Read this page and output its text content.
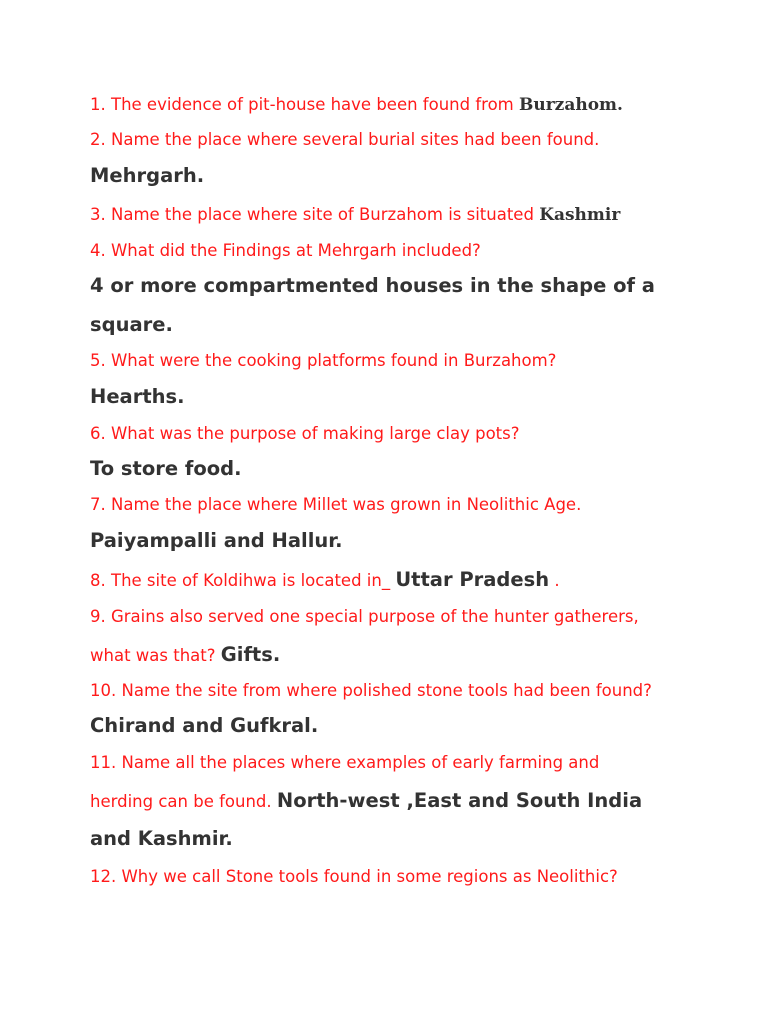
1. The evidence of pit-house have been found from Burzahom.
2. Name the place where several burial sites had been found.
Mehrgarh.
3. Name the place where site of Burzahom is situated Kashmir
4. What did the Findings at Mehrgarh included?
4 or more compartmented houses in the shape of a
square.
5. What were the cooking platforms found in Burzahom?
Hearths.
6. What was the purpose of making large clay pots?
To store food.
7. Name the place where Millet was grown in Neolithic Age.
Paiyampalli and Hallur.
8. The site of Koldihwa is located in_ Uttar Pradesh .
9. Grains also served one special purpose of the hunter gatherers,
what was that? Gifts.
10. Name the site from where polished stone tools had been found?
Chirand and Gufkral.
11. Name all the places where examples of early farming and
herding can be found. North-west ,East and South India
and Kashmir.
12. Why we call Stone tools found in some regions as Neolithic?
